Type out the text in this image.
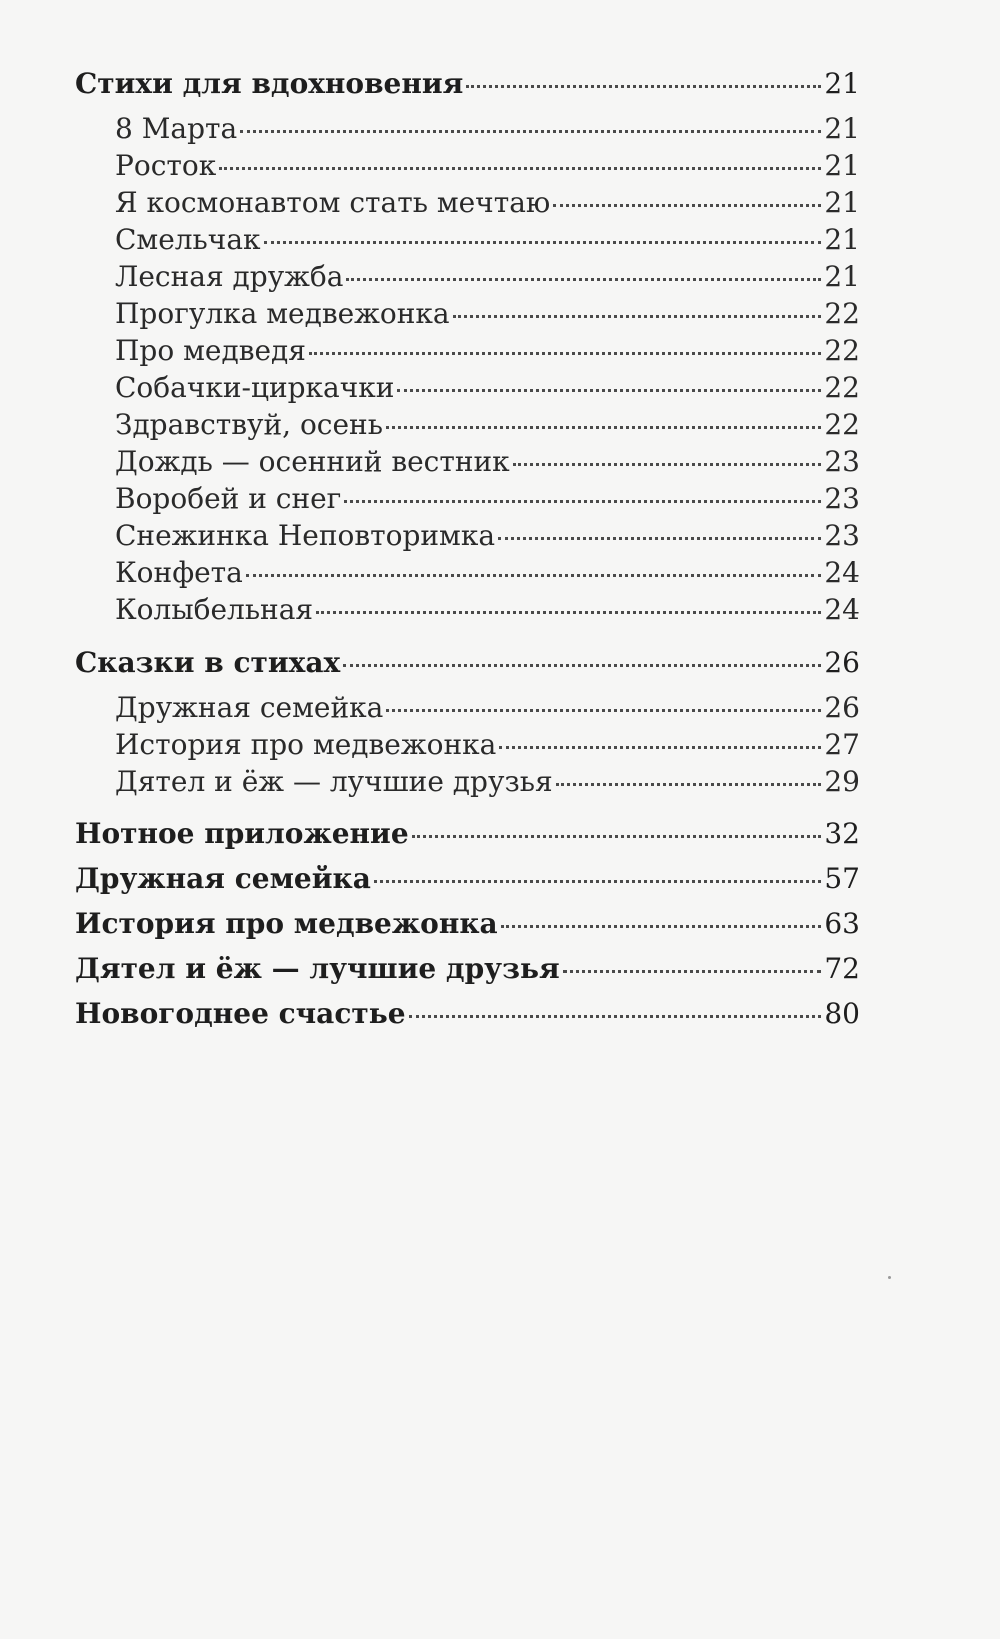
Стихи для вдохновения	21
8 Марта	21
Росток	21
Я космонавтом стать мечтаю	21
Смельчак	21
Лесная дружба	21
Прогулка медвежонка	22
Про медведя	22
Собачки-циркачки	22
Здравствуй, осень	22
Дождь — осенний вестник	23
Воробей и снег	23
Снежинка Неповторимка	23
Конфета	24
Колыбельная	24
Сказки в стихах	26
Дружная семейка	26
История про медвежонка	27
Дятел и ёж — лучшие друзья	29
Нотное приложение	32
Дружная семейка	57
История про медвежонка	63
Дятел и ёж — лучшие друзья	72
Новогоднее счастье	80
